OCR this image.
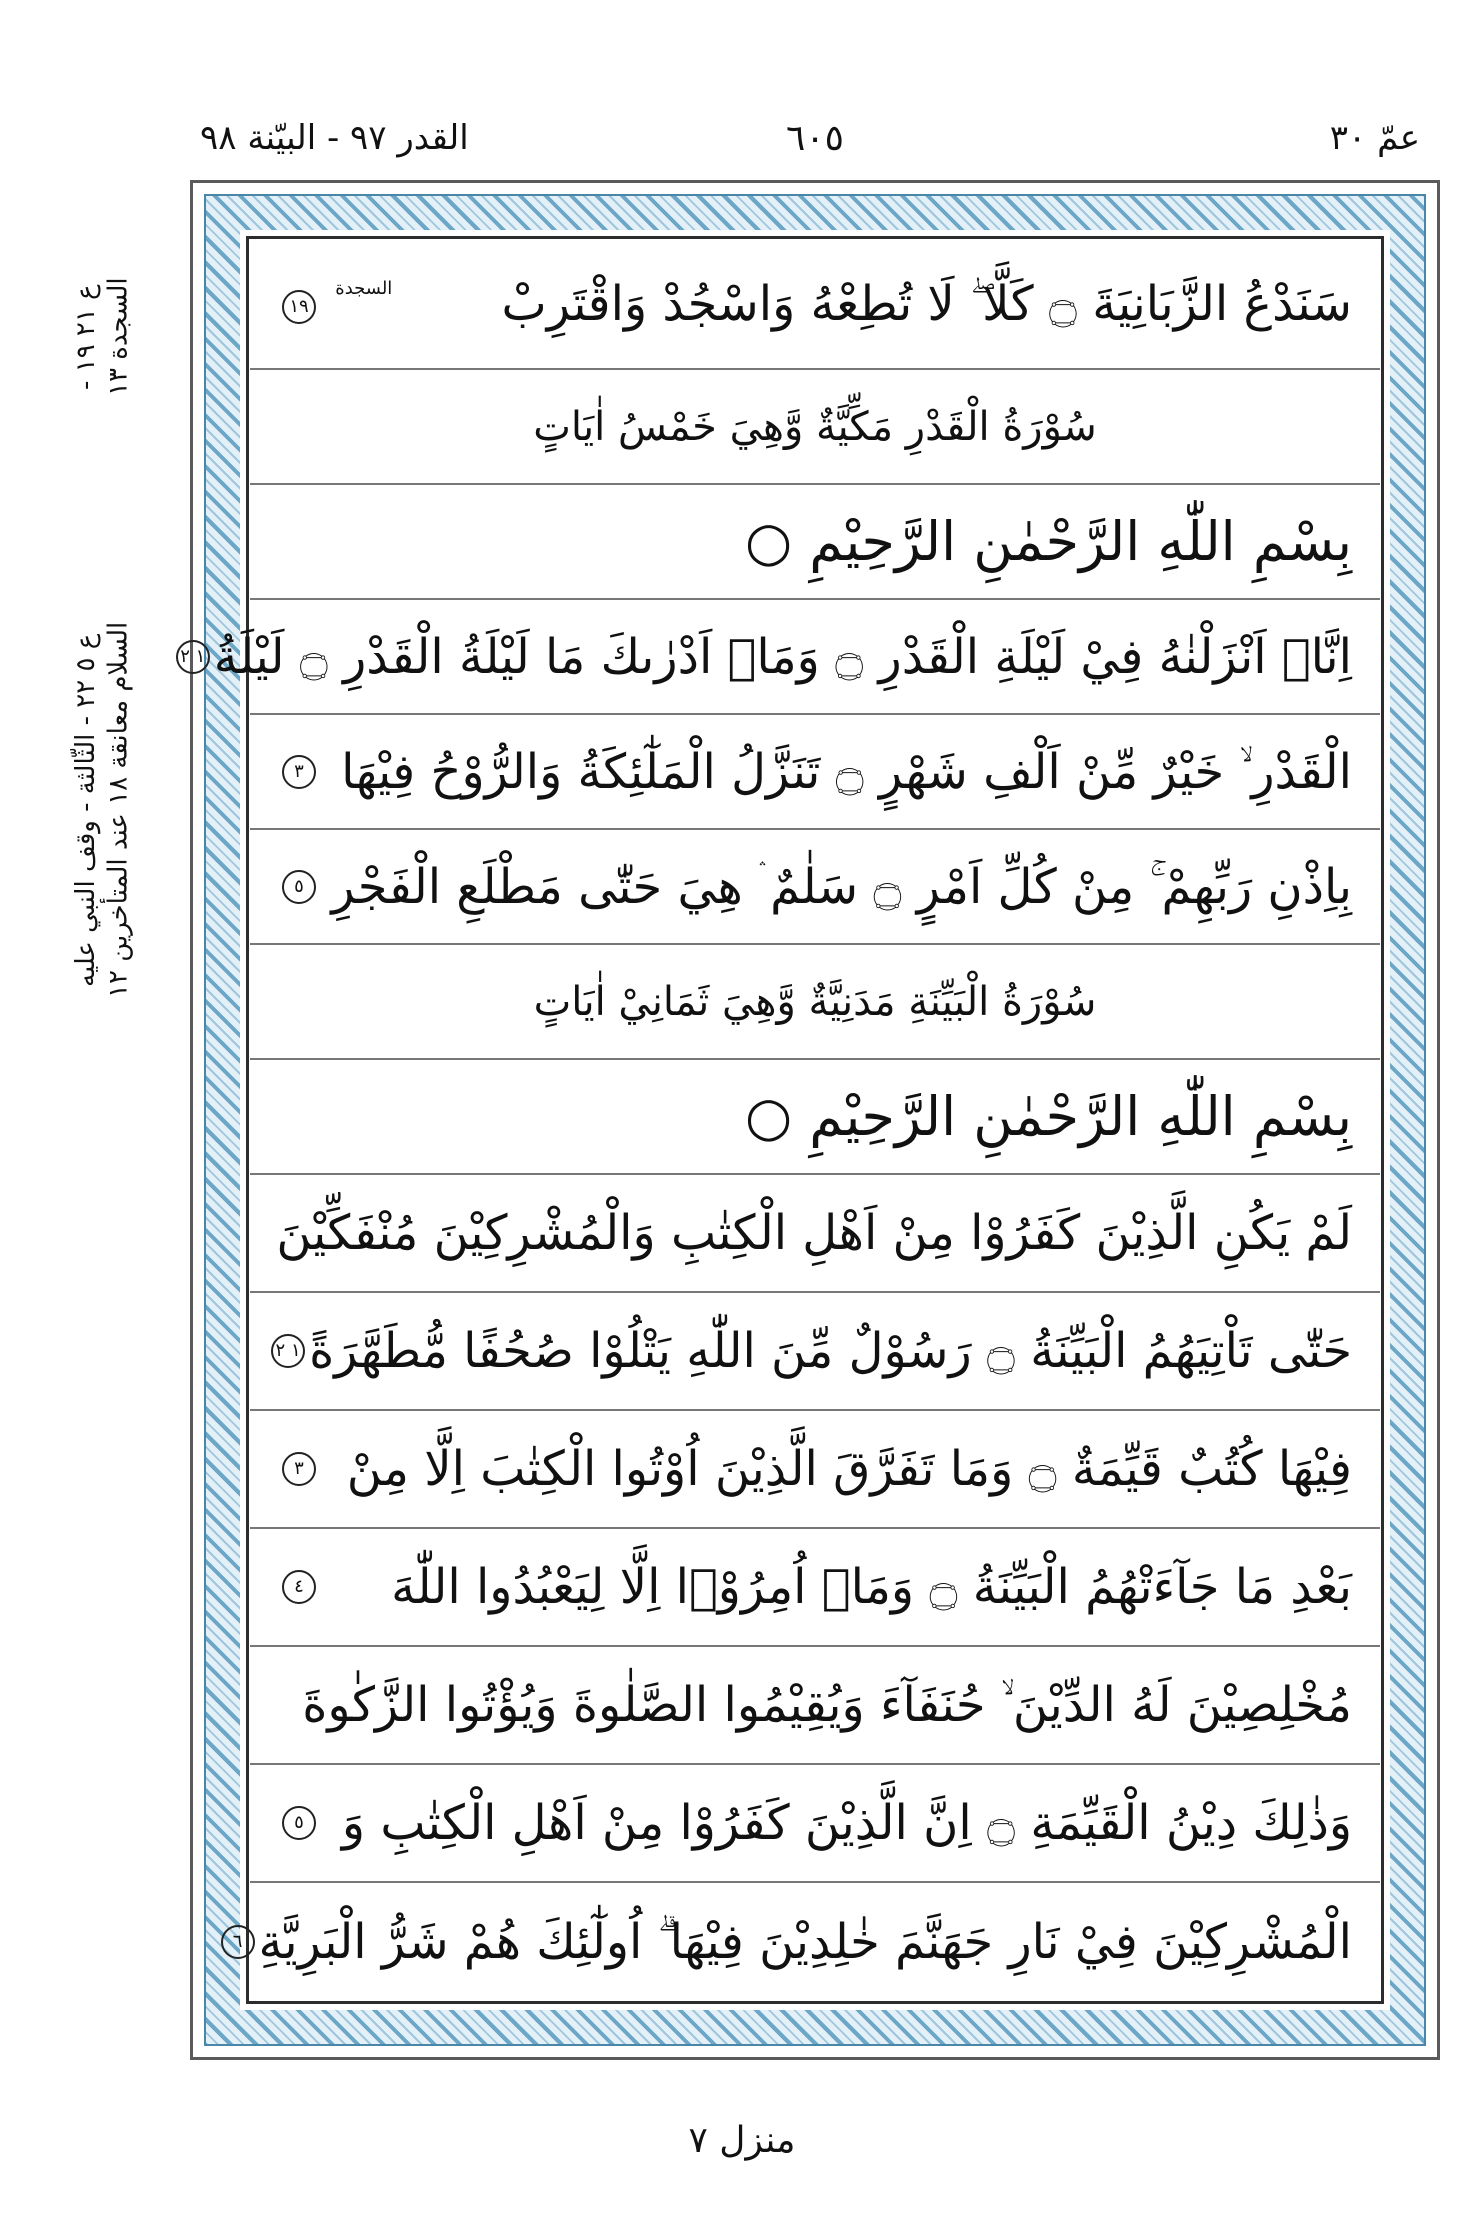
عمّ ٣٠
٦٠٥
القدر ٩٧ - البيّنة ٩٨
ع ٢١ ١٩ - السجدة ١٣
ع ٥ ٢٢ - الثّالثة - وقف النبي عليه السلام معانقة ١٨ عند المتأخرين ١٢
سَنَدْعُ الزَّبَانِيَةَ ۝ كَلَّا ۖ لَا تُطِعْهُ وَاسْجُدْ وَاقْتَرِبْ
$^{السجدة}$ ١٩
سُوْرَةُ الْقَدْرِ مَكِّيَّةٌ وَّهِيَ خَمْسُ اٰيَاتٍ
بِسْمِ اللّٰهِ الرَّحْمٰنِ الرَّحِيْمِ ○
اِنَّاۤ اَنْزَلْنٰهُ فِيْ لَيْلَةِ الْقَدْرِ ۝ وَمَاۤ اَدْرٰىكَ مَا لَيْلَةُ الْقَدْرِ ۝ لَيْلَةُ
١ ٢
الْقَدْرِ ۙ خَيْرٌ مِّنْ اَلْفِ شَهْرٍ ۝ تَنَزَّلُ الْمَلٰٓئِكَةُ وَالرُّوْحُ فِيْهَا
٣
بِاِذْنِ رَبِّهِمْ ۚ مِنْ كُلِّ اَمْرٍ ۝ سَلٰمٌ ۛ هِيَ حَتّٰى مَطْلَعِ الْفَجْرِ
٥
سُوْرَةُ الْبَيِّنَةِ مَدَنِيَّةٌ وَّهِيَ ثَمَانِيْ اٰيَاتٍ
بِسْمِ اللّٰهِ الرَّحْمٰنِ الرَّحِيْمِ ○
لَمْ يَكُنِ الَّذِيْنَ كَفَرُوْا مِنْ اَهْلِ الْكِتٰبِ وَالْمُشْرِكِيْنَ مُنْفَكِّيْنَ
حَتّٰى تَاْتِيَهُمُ الْبَيِّنَةُ ۝ رَسُوْلٌ مِّنَ اللّٰهِ يَتْلُوْا صُحُفًا مُّطَهَّرَةً
١ ٢
فِيْهَا كُتُبٌ قَيِّمَةٌ ۝ وَمَا تَفَرَّقَ الَّذِيْنَ اُوْتُوا الْكِتٰبَ اِلَّا مِنْ
٣
بَعْدِ مَا جَآءَتْهُمُ الْبَيِّنَةُ ۝ وَمَاۤ اُمِرُوْۤا اِلَّا لِيَعْبُدُوا اللّٰهَ
٤
مُخْلِصِيْنَ لَهُ الدِّيْنَ ۙ حُنَفَآءَ وَيُقِيْمُوا الصَّلٰوةَ وَيُؤْتُوا الزَّكٰوةَ
وَذٰلِكَ دِيْنُ الْقَيِّمَةِ ۝ اِنَّ الَّذِيْنَ كَفَرُوْا مِنْ اَهْلِ الْكِتٰبِ وَ
٥
الْمُشْرِكِيْنَ فِيْ نَارِ جَهَنَّمَ خٰلِدِيْنَ فِيْهَا ۗ اُولٰٓئِكَ هُمْ شَرُّ الْبَرِيَّةِ
٦
منزل ٧
